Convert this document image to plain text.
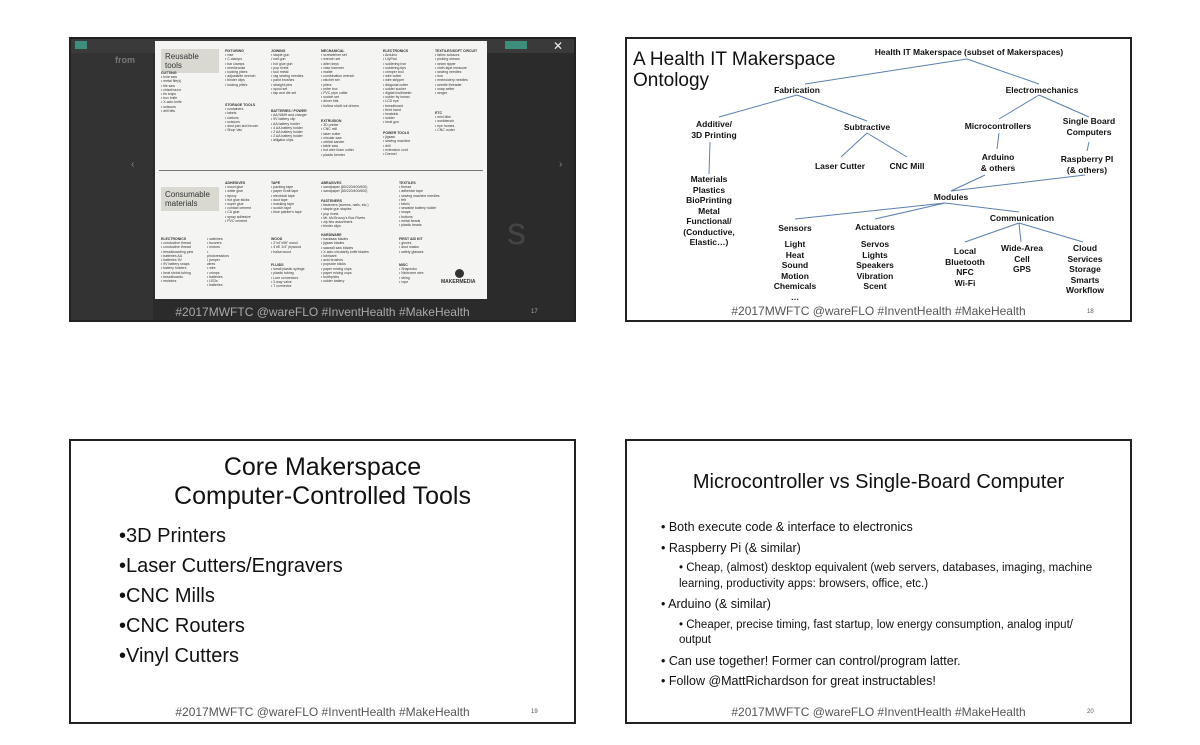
from
‹	›
s
✕
Reusable tools
CUTTING
• hole saw
• metal file(s)
• tile saw
• chisel/razor
• tin snips
• box knife
• X-acto knife
• scissors
• drill bits
FIXTURING
• vise
• C-clamps
• bar clamps
• needlenose
• locking pliers
• adjustable wrench
• binder clips
• locking pliers
JOINING
• staple gun
• nail gun
• hot glue gun
• pop rivets
• tool metal
• rag sewing needles
• paint brushes
• straight pins
• spool set
• tap and die set
MECHANICAL
• screwdriver set
• wrench set
• allen keys
• claw hammer
• mallet
• combination wrench
• ratchet set
• pliers
• mitre box
• PVC pipe cutter
• socket set
• driver bits
• hollow shaft nut drivers
ELECTRONICS
• Arduino
• LilyPad
• soldering iron
• soldering tips
• crimper tool
• wire cutter
• wire stripper
• diagonal cutter
• solder sucker
• digital multimeter
• solder by inmax
• LCD eye
• breadboard
• third hand
• heatsink
• solder
• heat gun
TEXTILES/SOFT CIRCUIT
• fabric scissors
• pinking shears
• seam ripper
• cloth tape measure
• sewing needles
• iron
• embroidery needles
• needle threader
• snap setter
• serger
STORAGE TOOLS
• containers
• labels
• cartons
• scissors
• dust pan and broom
• Shop Vac
BATTERIES / POWER
• AA NiMH and charger
• 9V battery clip
• AA battery holder
• 4 AA battery holder
• 2 AA battery holder
• 2 AA battery holder
• alligator clips
EXTRUSION
• 3D printer
• CNC mill
• laser cutter
• circular saw
• orbital sander
• table saw
• hot wire foam cutter
• plastic bender
POWER TOOLS
• jigsaw
• sewing machine
• drill
• extension cord
• Dremel
ETC
• mini bike
• workbench
• eye homes
• CNC router
Consumable materials
ADHESIVES
• wood glue
• white glue
• epoxy
• hot glue sticks
• super glue
• contact cement
• CA glue
• spray adhesive
• PVC cement
TAPE
• packing tape
• paper Kraft tape
• electrical tape
• duct tape
• masking tape
• scotch tape
• blue painter's tape
ABRASIVES
• sandpaper (80/220/400/600)
• sandpaper (80/220/400/600)
TEXTILES
• thread
• adhesive tape
• sewing machine needles
• felt
• fabric
• sewable battery holder
• snaps
• buttons
• metal beads
• plastic beads
ELECTRONICS
• conductive thread
• conductive thread
• breadboarding pins
• batteries AA
• batteries 9V
• 9V battery snaps
• battery holders
• heat shrink tubing
• breadboards
• resistors
• switches
• buzzers
• motors
• photoresistors
• jumper wires
• wire
• crimps
• batteries
• LEDs
• batteries
WOOD
• 2"x4"x96" wood
• 4'x8' 1/4" plywood
• balsa wood
FLUIDS
• small plastic syringe
• plastic tubing
• Luer connectors
• 2-way valve
• T connector
FASTENERS
• fasteners (screws, nails, etc.)
• staple gun staples
• pop rivets
• Mr. McGroovy's Box Rivets
• zip ties assortment
• binder clips
HARDWARE
• hacksaw blades
• jigsaw blades
• sawzall saw blades
• X-acto circularity knife blades
• lubricant
• acid brushes
• popsicle sticks
• paper mixing cups
• paper mixing cups
• toothpicks
• solder battery
FIRST AID KIT
• gloves
• dust masks
• safety glasses
MISC
• Shapeoko
• Nichrome wire
• string
• rope	MAKERMEDIA
#2017MWFTC @wareFLO #InventHealth #MakeHealth	17
A Health IT Makerspace
Ontology
Health IT Makerspace (subset of Makerspaces)
Fabrication	Electromechanics
Additive/
3D Printing
Subtractive
Materials
Plastics
BioPrinting
Metal
Functional/
(Conductive,
Elastic…)
Laser Cutter	CNC Mill
Microcontrollers	Single Board
Computers
Arduino
& others
Raspberry PI
(& others)
Modules
Sensors
Light
Heat
Sound
Motion
Chemicals
…
Actuators
Servos
Lights
Speakers
Vibration
Scent
Communication
Local
Bluetooth
NFC
Wi-Fi
Wide-Area
Cell
GPS
Cloud
Services
Storage
Smarts
Workflow
#2017MWFTC @wareFLO #InventHealth #MakeHealth	18
Core Makerspace
Computer-Controlled Tools
•3D Printers
•Laser Cutters/Engravers
•CNC Mills
•CNC Routers
•Vinyl Cutters
#2017MWFTC @wareFLO #InventHealth #MakeHealth	19
Microcontroller vs Single-Board Computer
• Both execute code & interface to electronics
• Raspberry Pi (& similar)
• Cheap, (almost) desktop equivalent (web servers, databases, imaging, machine learning, productivity apps: browsers, office, etc.)
• Arduino (& similar)
• Cheaper, precise timing, fast startup, low energy consumption, analog input/ output
• Can use together! Former can control/program latter.
• Follow @MattRichardson for great instructables!
#2017MWFTC @wareFLO #InventHealth #MakeHealth	20
